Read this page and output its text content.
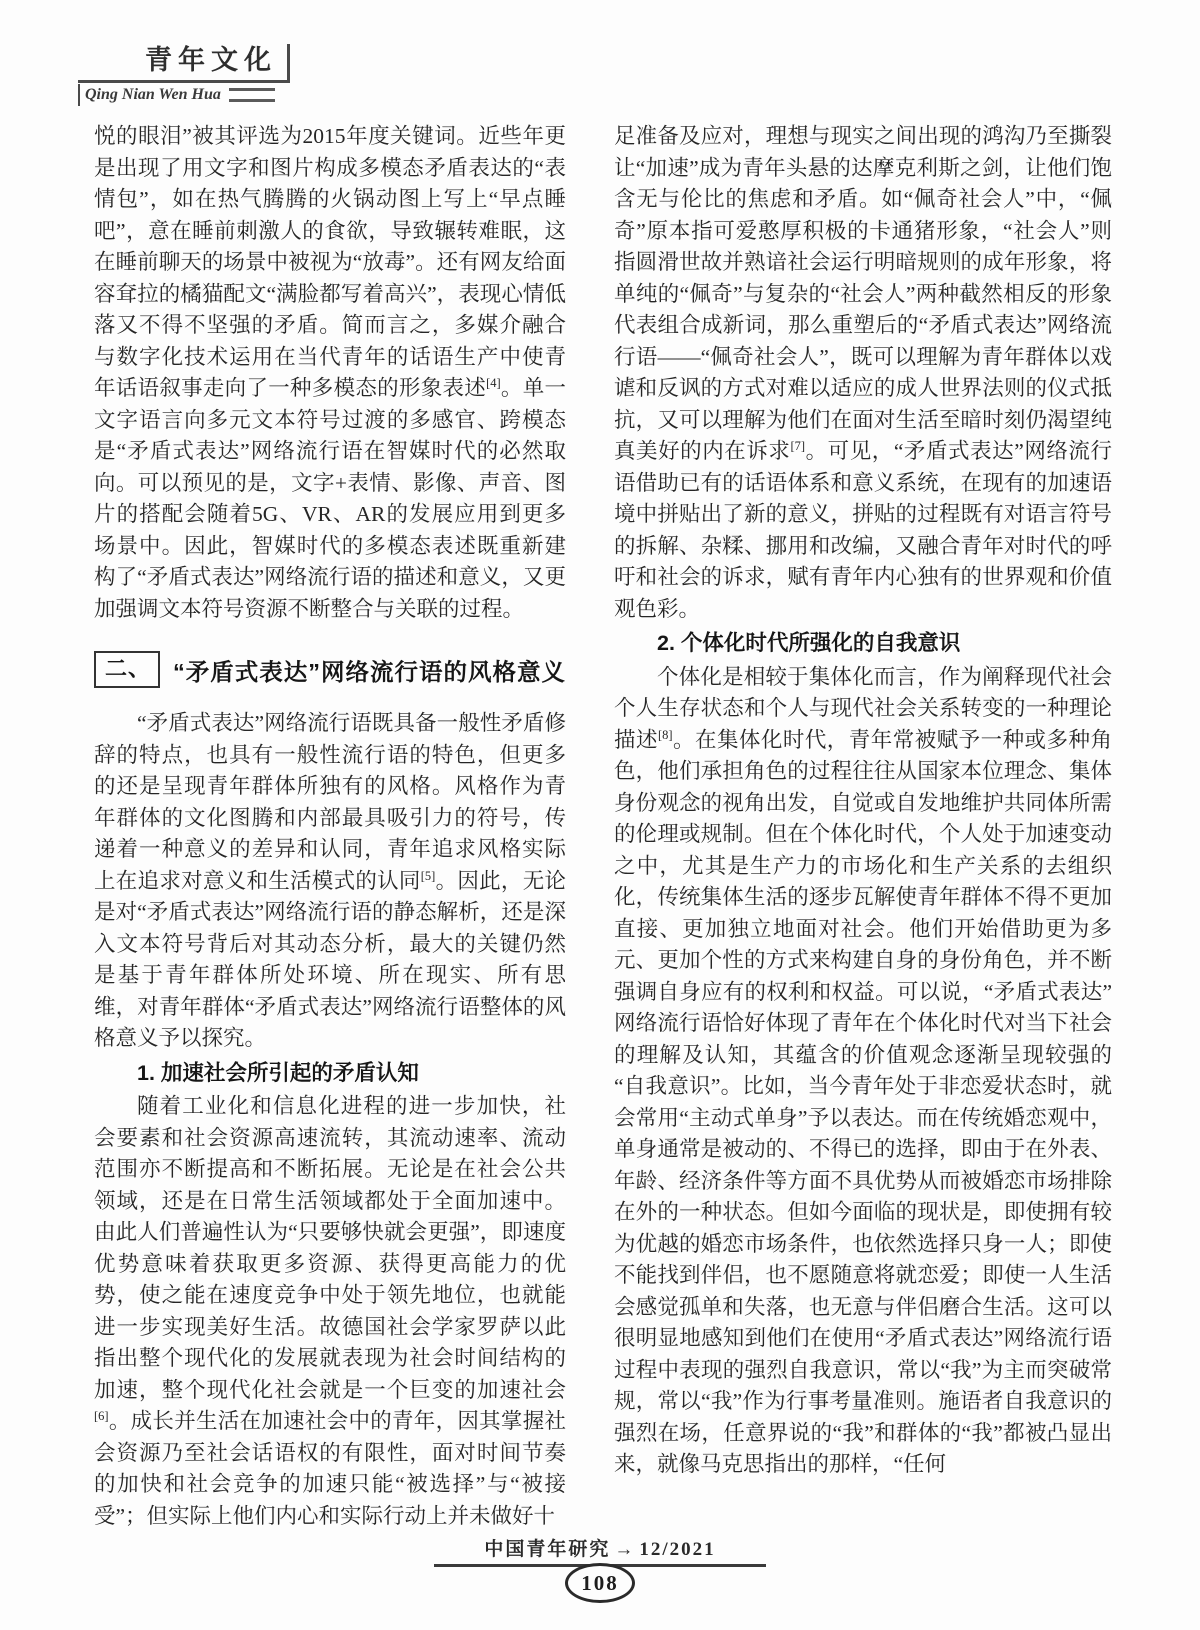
青年文化
Qing Nian Wen Hua

悦的眼泪”被其评选为2015年度关键词。近些年更是出现了用文字和图片构成多模态矛盾表达的“表情包”，如在热气腾腾的火锅动图上写上“早点睡吧”，意在睡前刺激人的食欲，导致辗转难眠，这在睡前聊天的场景中被视为“放毒”。还有网友给面容耷拉的橘猫配文“满脸都写着高兴”，表现心情低落又不得不坚强的矛盾。简而言之，多媒介融合与数字化技术运用在当代青年的话语生产中使青年话语叙事走向了一种多模态的形象表述[4]。单一文字语言向多元文本符号过渡的多感官、跨模态是“矛盾式表达”网络流行语在智媒时代的必然取向。可以预见的是，文字+表情、影像、声音、图片的搭配会随着5G、VR、AR的发展应用到更多场景中。因此，智媒时代的多模态表述既重新建构了“矛盾式表达”网络流行语的描述和意义，又更加强调文本符号资源不断整合与关联的过程。

二、 “矛盾式表达”网络流行语的风格意义

“矛盾式表达”网络流行语既具备一般性矛盾修辞的特点，也具有一般性流行语的特色，但更多的还是呈现青年群体所独有的风格。风格作为青年群体的文化图腾和内部最具吸引力的符号，传递着一种意义的差异和认同，青年追求风格实际上在追求对意义和生活模式的认同[5]。因此，无论是对“矛盾式表达”网络流行语的静态解析，还是深入文本符号背后对其动态分析，最大的关键仍然是基于青年群体所处环境、所在现实、所有思维，对青年群体“矛盾式表达”网络流行语整体的风格意义予以探究。

1. 加速社会所引起的矛盾认知

随着工业化和信息化进程的进一步加快，社会要素和社会资源高速流转，其流动速率、流动范围亦不断提高和不断拓展。无论是在社会公共领域，还是在日常生活领域都处于全面加速中。由此人们普遍性认为“只要够快就会更强”，即速度优势意味着获取更多资源、获得更高能力的优势，使之能在速度竞争中处于领先地位，也就能进一步实现美好生活。故德国社会学家罗萨以此指出整个现代化的发展就表现为社会时间结构的加速，整个现代化社会就是一个巨变的加速社会[6]。成长并生活在加速社会中的青年，因其掌握社会资源乃至社会话语权的有限性，面对时间节奏的加快和社会竞争的加速只能“被选择”与“被接受”；但实际上他们内心和实际行动上并未做好十

足准备及应对，理想与现实之间出现的鸿沟乃至撕裂让“加速”成为青年头悬的达摩克利斯之剑，让他们饱含无与伦比的焦虑和矛盾。如“佩奇社会人”中，“佩奇”原本指可爱憨厚积极的卡通猪形象，“社会人”则指圆滑世故并熟谙社会运行明暗规则的成年形象，将单纯的“佩奇”与复杂的“社会人”两种截然相反的形象代表组合成新词，那么重塑后的“矛盾式表达”网络流行语——“佩奇社会人”，既可以理解为青年群体以戏谑和反讽的方式对难以适应的成人世界法则的仪式抵抗，又可以理解为他们在面对生活至暗时刻仍渴望纯真美好的内在诉求[7]。可见，“矛盾式表达”网络流行语借助已有的话语体系和意义系统，在现有的加速语境中拼贴出了新的意义，拼贴的过程既有对语言符号的拆解、杂糅、挪用和改编，又融合青年对时代的呼吁和社会的诉求，赋有青年内心独有的世界观和价值观色彩。

2. 个体化时代所强化的自我意识

个体化是相较于集体化而言，作为阐释现代社会个人生存状态和个人与现代社会关系转变的一种理论描述[8]。在集体化时代，青年常被赋予一种或多种角色，他们承担角色的过程往往从国家本位理念、集体身份观念的视角出发，自觉或自发地维护共同体所需的伦理或规制。但在个体化时代，个人处于加速变动之中，尤其是生产力的市场化和生产关系的去组织化，传统集体生活的逐步瓦解使青年群体不得不更加直接、更加独立地面对社会。他们开始借助更为多元、更加个性的方式来构建自身的身份角色，并不断强调自身应有的权利和权益。可以说，“矛盾式表达”网络流行语恰好体现了青年在个体化时代对当下社会的理解及认知，其蕴含的价值观念逐渐呈现较强的“自我意识”。比如，当今青年处于非恋爱状态时，就会常用“主动式单身”予以表达。而在传统婚恋观中，单身通常是被动的、不得已的选择，即由于在外表、年龄、经济条件等方面不具优势从而被婚恋市场排除在外的一种状态。但如今面临的现状是，即使拥有较为优越的婚恋市场条件，也依然选择只身一人；即使不能找到伴侣，也不愿随意将就恋爱；即使一人生活会感觉孤单和失落，也无意与伴侣磨合生活。这可以很明显地感知到他们在使用“矛盾式表达”网络流行语过程中表现的强烈自我意识，常以“我”为主而突破常规，常以“我”作为行事考量准则。施语者自我意识的强烈在场，任意界说的“我”和群体的“我”都被凸显出来，就像马克思指出的那样，“任何

中国青年研究 → 12/2021
108
